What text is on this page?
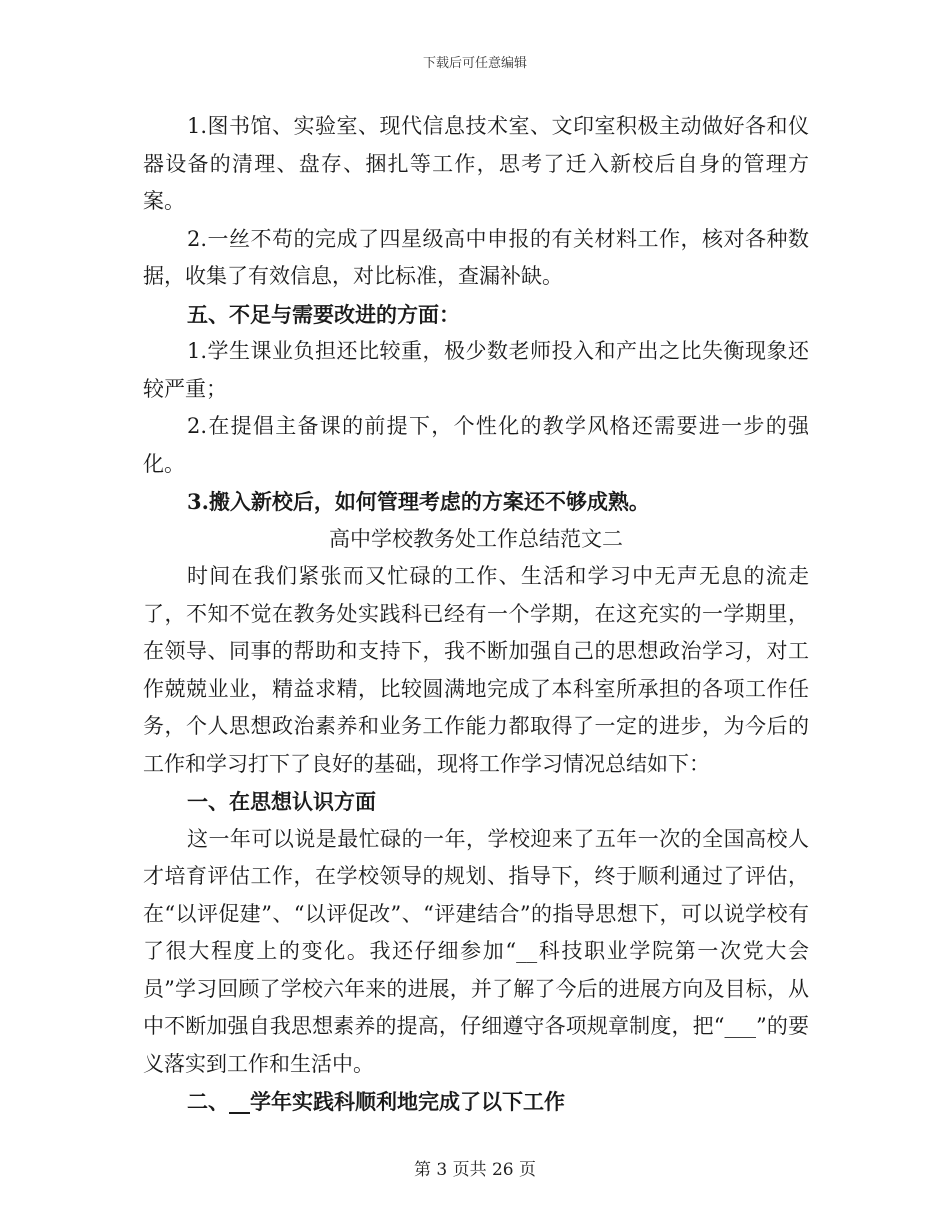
下载后可任意编辑

1.图书馆、实验室、现代信息技术室、文印室积极主动做好各和仪器设备的清理、盘存、捆扎等工作，思考了迁入新校后自身的管理方案。

2.一丝不苟的完成了四星级高中申报的有关材料工作，核对各种数据，收集了有效信息，对比标准，查漏补缺。

五、不足与需要改进的方面：

1.学生课业负担还比较重，极少数老师投入和产出之比失衡现象还较严重；

2.在提倡主备课的前提下，个性化的教学风格还需要进一步的强化。

3.搬入新校后，如何管理考虑的方案还不够成熟。

高中学校教务处工作总结范文二

时间在我们紧张而又忙碌的工作、生活和学习中无声无息的流走了，不知不觉在教务处实践科已经有一个学期，在这充实的一学期里，在领导、同事的帮助和支持下，我不断加强自己的思想政治学习，对工作兢兢业业，精益求精，比较圆满地完成了本科室所承担的各项工作任务，个人思想政治素养和业务工作能力都取得了一定的进步，为今后的工作和学习打下了良好的基础，现将工作学习情况总结如下：

一、在思想认识方面

这一年可以说是最忙碌的一年，学校迎来了五年一次的全国高校人才培育评估工作，在学校领导的规划、指导下，终于顺利通过了评估，在“以评促建”、“以评促改”、“评建结合”的指导思想下，可以说学校有了很大程度上的变化。我还仔细参加“__科技职业学院第一次党大会员”学习回顾了学校六年来的进展，并了解了今后的进展方向及目标，从中不断加强自我思想素养的提高，仔细遵守各项规章制度，把“___”的要义落实到工作和生活中。

二、__学年实践科顺利地完成了以下工作

第 3 页共 26 页
